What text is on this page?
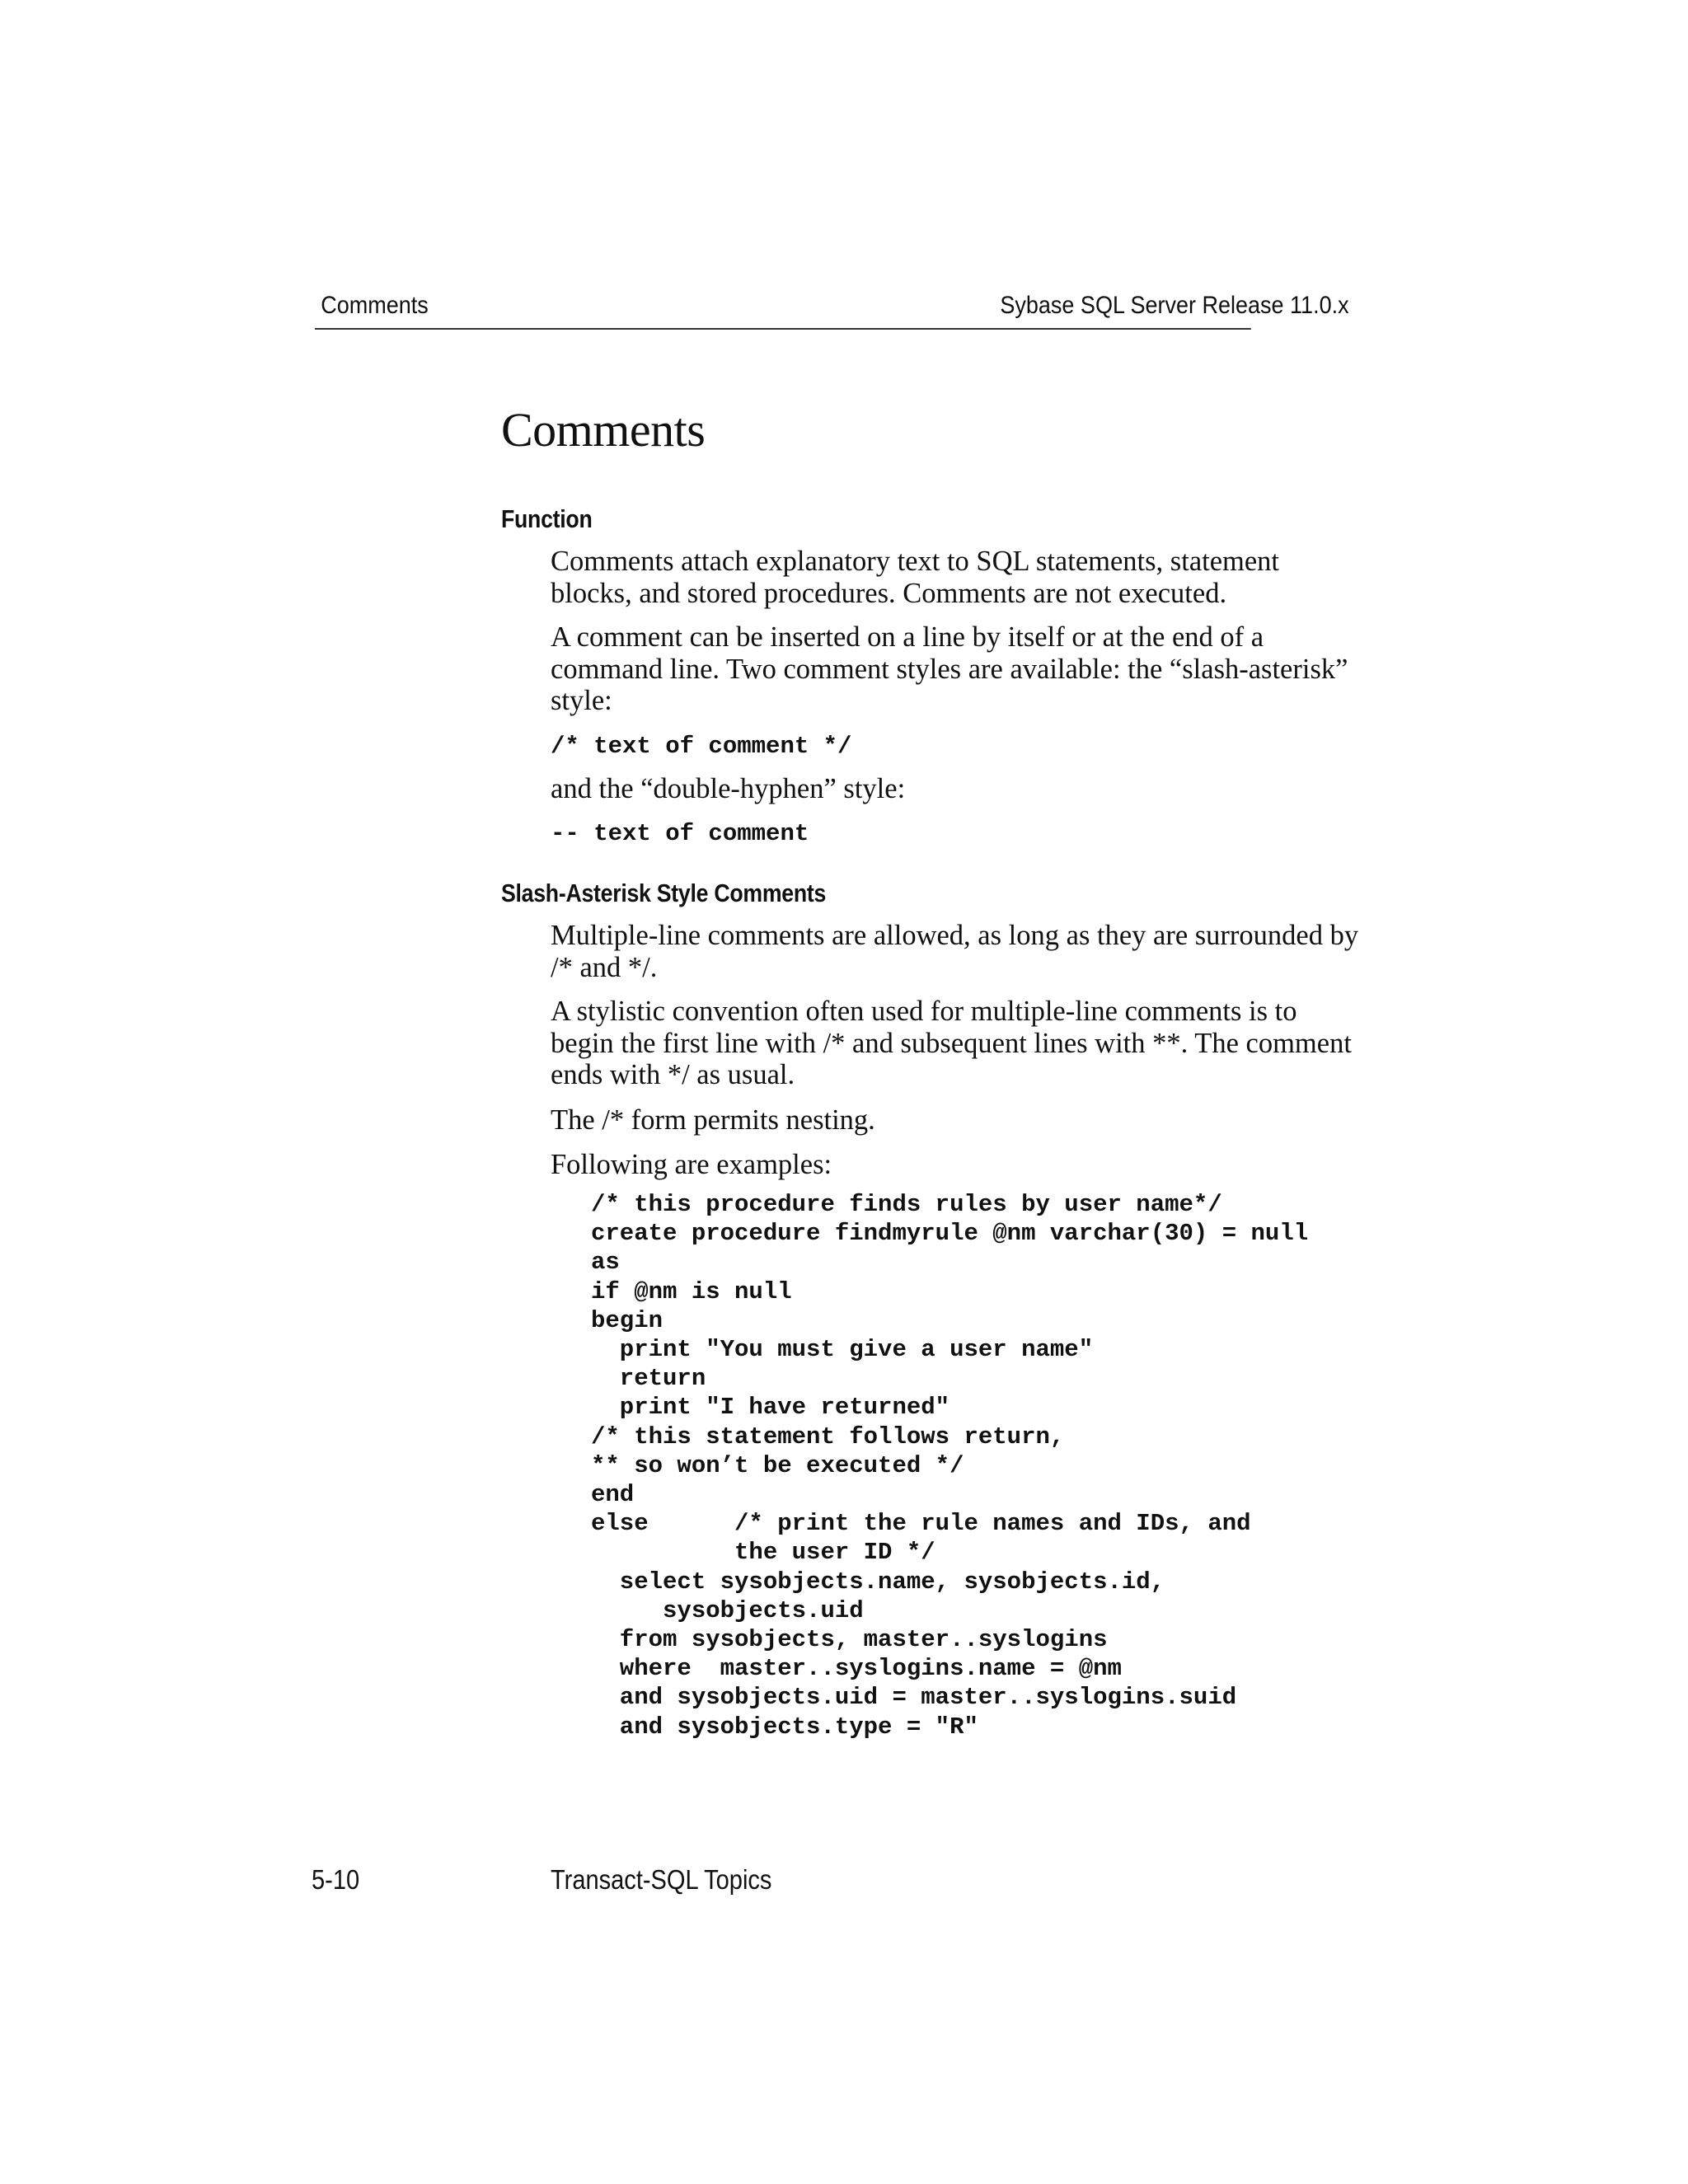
Comments	Sybase SQL Server Release 11.0.x
Comments
Function

Comments attach explanatory text to SQL statements, statement blocks, and stored procedures. Comments are not executed.

A comment can be inserted on a line by itself or at the end of a command line. Two comment styles are available: the “slash-asterisk” style:

/* text of comment */

and the “double-hyphen” style:

-- text of comment
Slash-Asterisk Style Comments

Multiple-line comments are allowed, as long as they are surrounded by /* and */.

A stylistic convention often used for multiple-line comments is to begin the first line with /* and subsequent lines with **. The comment ends with */ as usual.

The /* form permits nesting.

Following are examples:

/* this procedure finds rules by user name*/
create procedure findmyrule @nm varchar(30) = null
as
if @nm is null
begin
print "You must give a user name"
return
print "I have returned"
/* this statement follows return,
** so won’t be executed */
end
else      /* print the rule names and IDs, and
the user ID */
select sysobjects.name, sysobjects.id,
sysobjects.uid
from sysobjects, master..syslogins
where  master..syslogins.name = @nm
and sysobjects.uid = master..syslogins.suid
and sysobjects.type = "R"
5-10	Transact-SQL Topics
